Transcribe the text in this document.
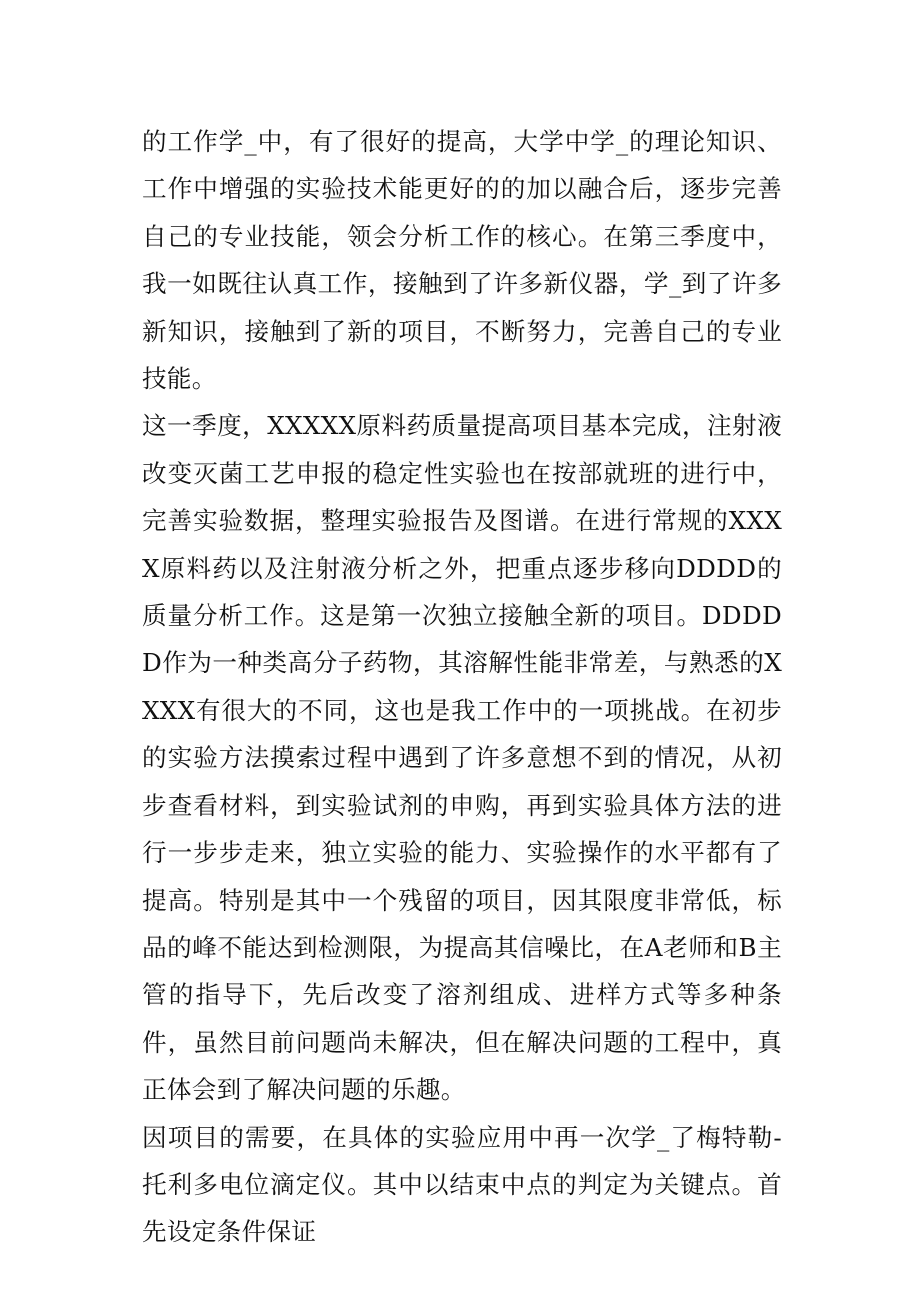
的工作学_中，有了很好的提高，大学中学_的理论知识、工作中增强的实验技术能更好的的加以融合后，逐步完善自己的专业技能，领会分析工作的核心。在第三季度中，我一如既往认真工作，接触到了许多新仪器，学_到了许多新知识，接触到了新的项目，不断努力，完善自己的专业技能。

这一季度，XXXXX原料药质量提高项目基本完成，注射液改变灭菌工艺申报的稳定性实验也在按部就班的进行中，完善实验数据，整理实验报告及图谱。在进行常规的XXXX原料药以及注射液分析之外，把重点逐步移向DDDD的质量分析工作。这是第一次独立接触全新的项目。DDDDD作为一种类高分子药物，其溶解性能非常差，与熟悉的XXXX有很大的不同，这也是我工作中的一项挑战。在初步的实验方法摸索过程中遇到了许多意想不到的情况，从初步查看材料，到实验试剂的申购，再到实验具体方法的进行一步步走来，独立实验的能力、实验操作的水平都有了提高。特别是其中一个残留的项目，因其限度非常低，标品的峰不能达到检测限，为提高其信噪比，在A老师和B主管的指导下，先后改变了溶剂组成、进样方式等多种条件，虽然目前问题尚未解决，但在解决问题的工程中，真正体会到了解决问题的乐趣。

因项目的需要，在具体的实验应用中再一次学_了梅特勒-托利多电位滴定仪。其中以结束中点的判定为关键点。首先设定条件保证
